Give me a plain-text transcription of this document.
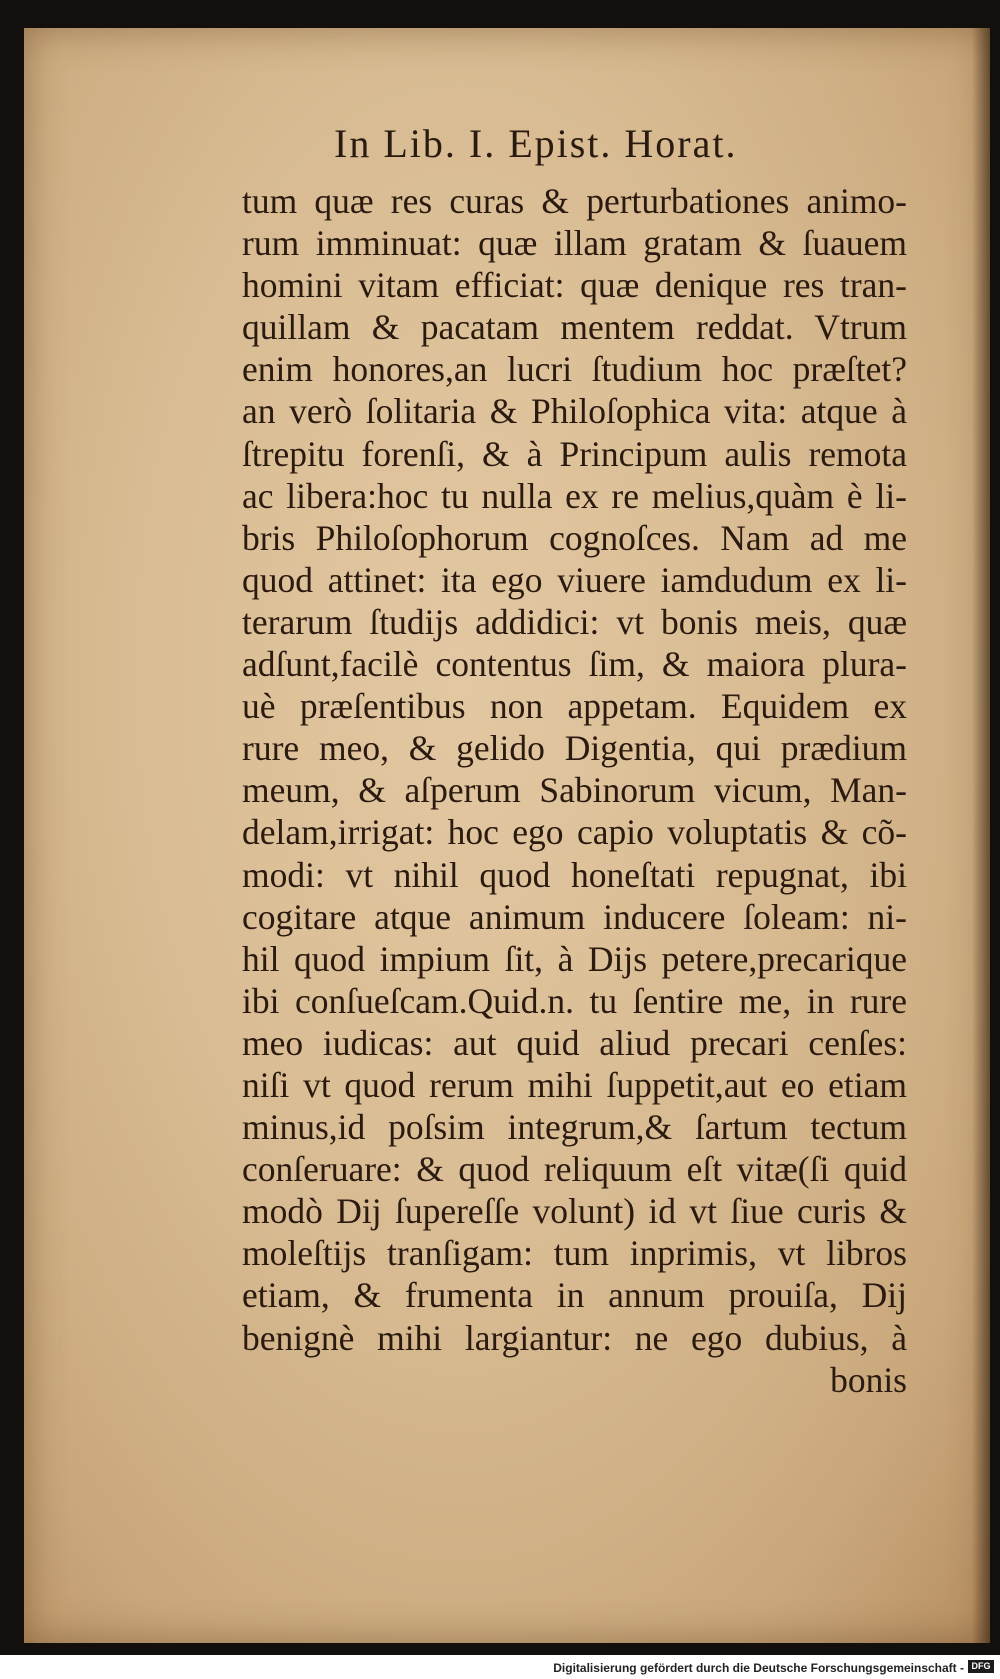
In Lib. I. Epist. Horat.
tum quæ res curas & perturbationes animo-
rum imminuat: quæ illam gratam & ſuauem
homini vitam efficiat: quæ denique res tran-
quillam & pacatam mentem reddat. Vtrum
enim honores,an lucri ſtudium hoc præſtet?
an verò ſolitaria & Philoſophica vita: atque à
ſtrepitu forenſi, & à Principum aulis remota
ac libera:hoc tu nulla ex re melius,quàm è li-
bris Philoſophorum cognoſces. Nam ad me
quod attinet: ita ego viuere iamdudum ex li-
terarum ſtudijs addidici: vt bonis meis, quæ
adſunt,facilè contentus ſim, & maiora plura-
uè præſentibus non appetam. Equidem ex
rure meo, & gelido Digentia, qui prædium
meum, & aſperum Sabinorum vicum, Man-
delam,irrigat: hoc ego capio voluptatis & cõ-
modi: vt nihil quod honeſtati repugnat, ibi
cogitare atque animum inducere ſoleam: ni-
hil quod impium ſit, à Dijs petere,precarique
ibi conſueſcam.Quid.n. tu ſentire me, in rure
meo iudicas: aut quid aliud precari cenſes:
niſi vt quod rerum mihi ſuppetit,aut eo etiam
minus,id poſsim integrum,& ſartum tectum
conſeruare: & quod reliquum eſt vitæ(ſi quid
modò Dij ſupereſſe volunt) id vt ſiue curis &
moleſtijs tranſigam: tum inprimis, vt libros
etiam, & frumenta in annum prouiſa, Dij
benignè mihi largiantur: ne ego dubius, à
bonis
Digitalisierung gefördert durch die Deutsche Forschungsgemeinschaft - DFG
